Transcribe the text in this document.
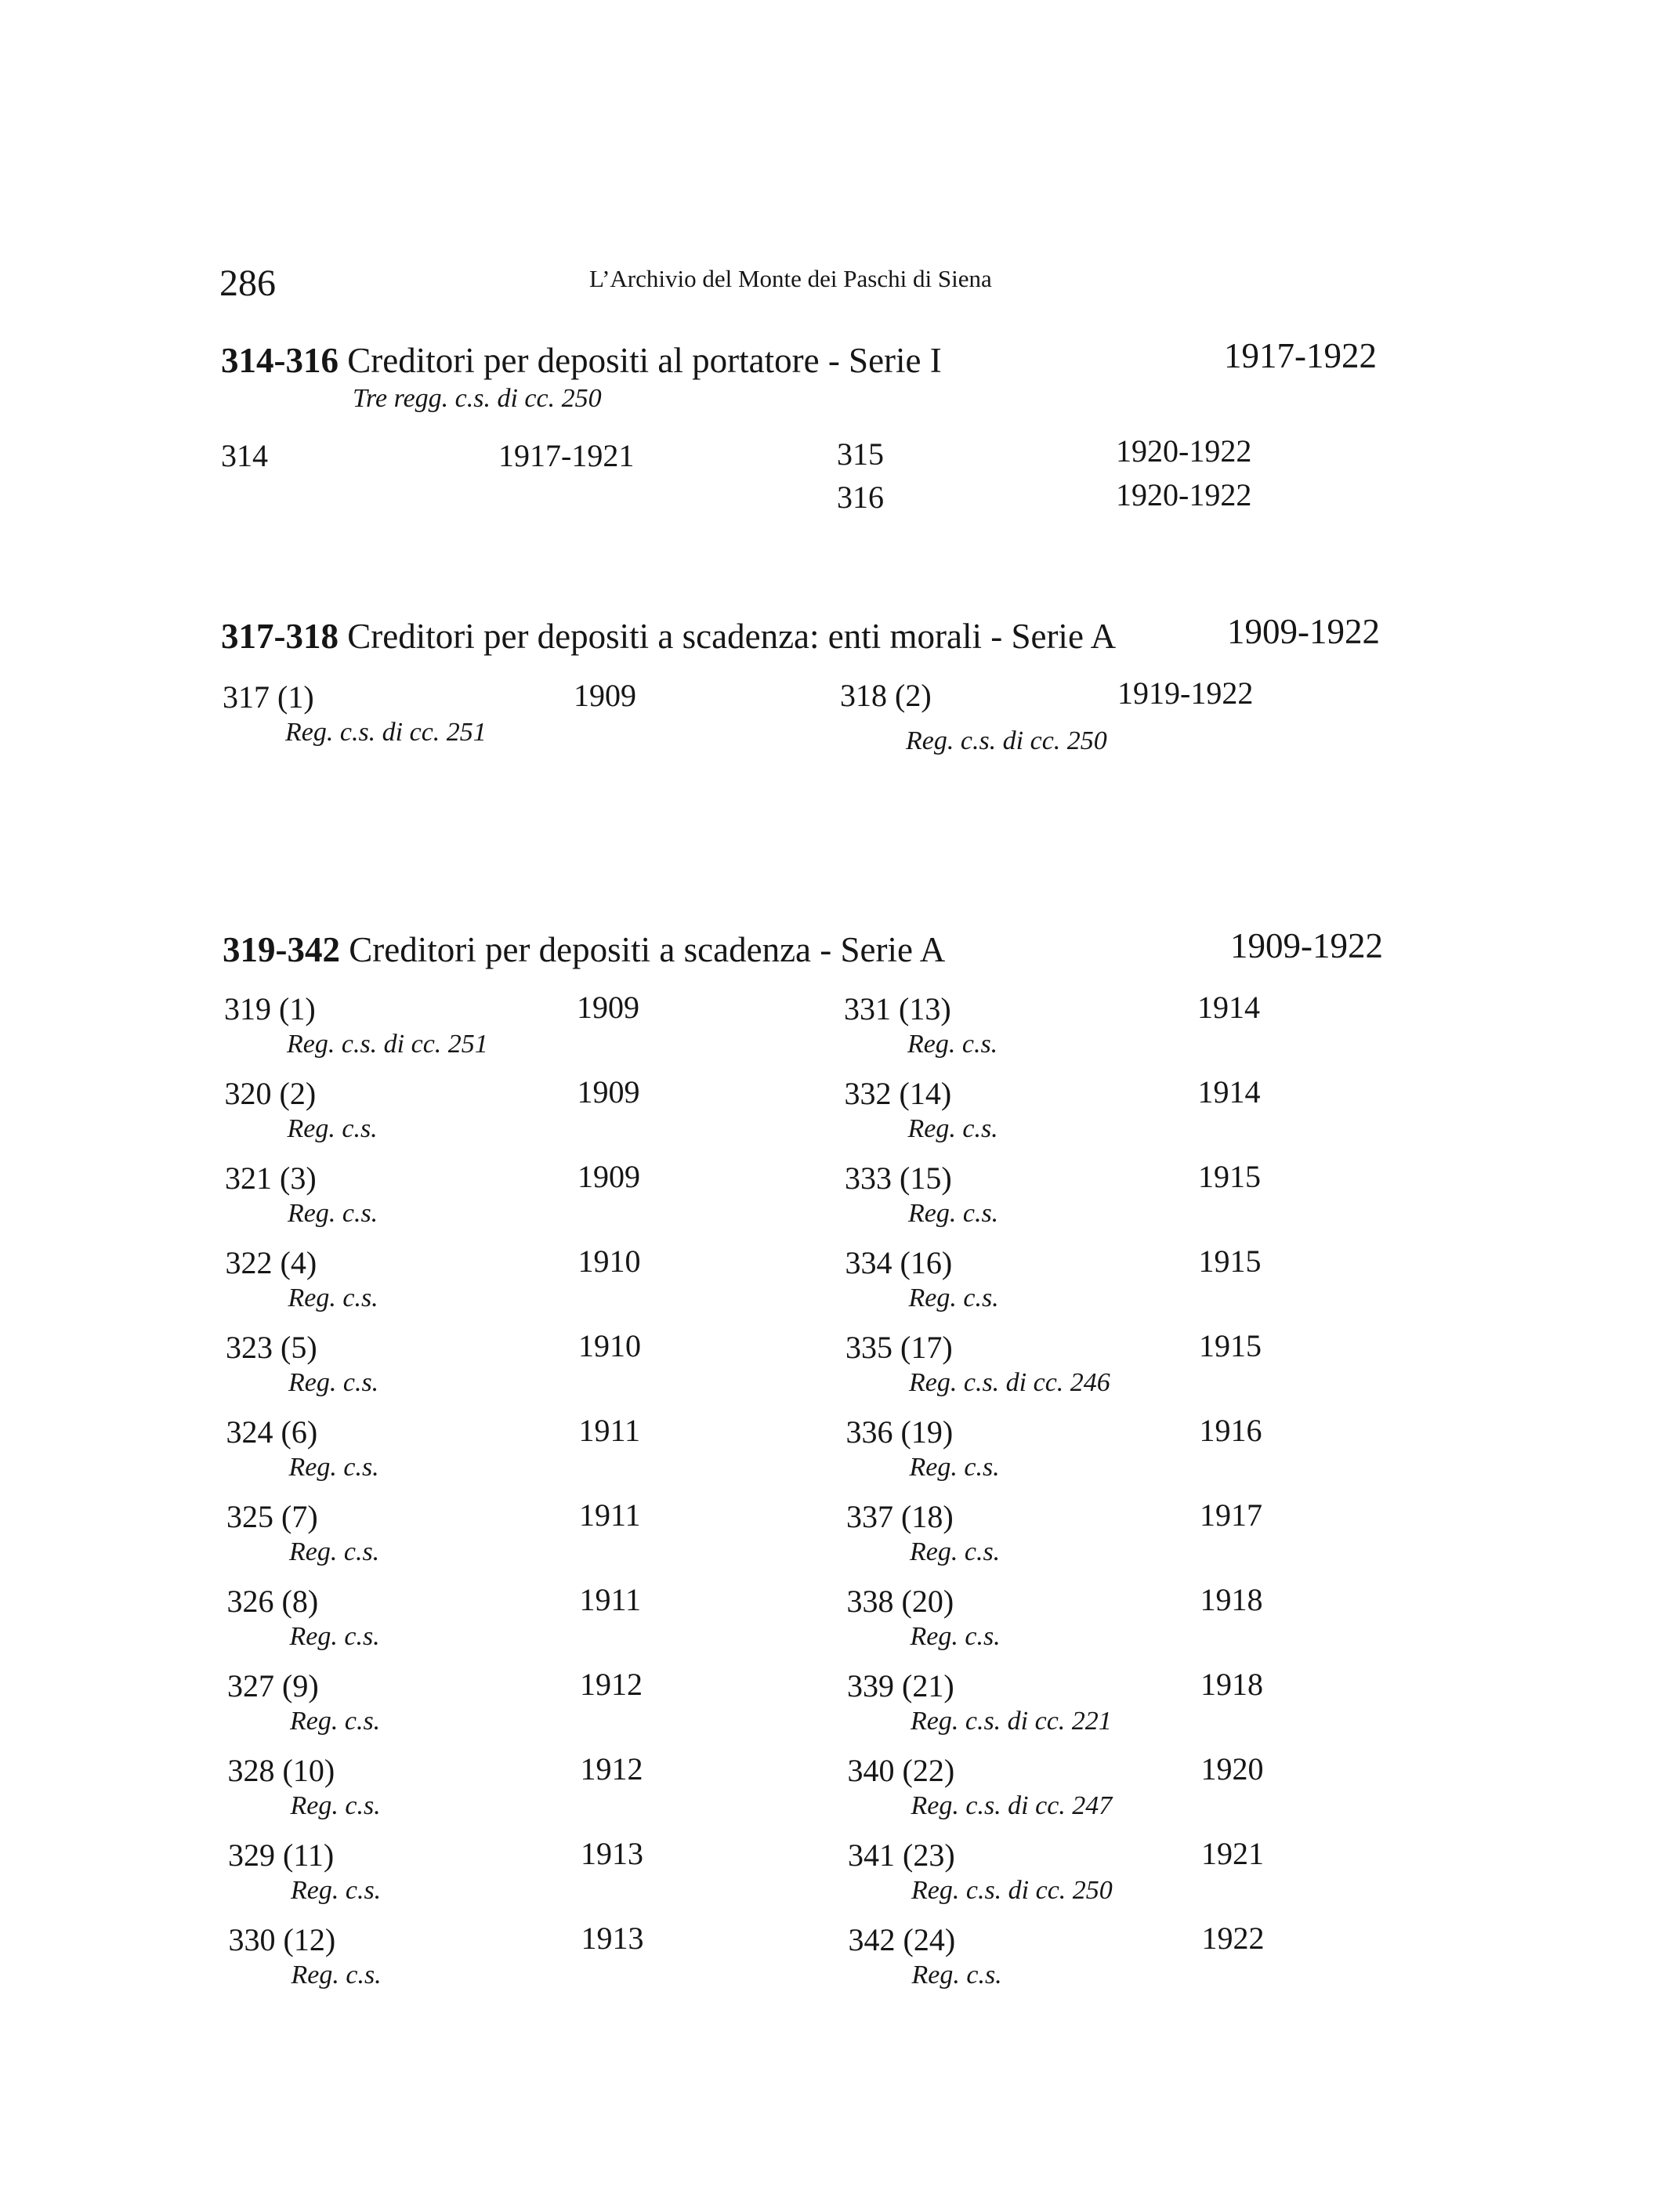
286	L’Archivio del Monte dei Paschi di Siena
314-316 Creditori per depositi al portatore - Serie I	1917-1922
Tre regg. c.s. di cc. 250
314	1917-1921	315	1920-1922
316	1920-1922
317-318 Creditori per depositi a scadenza: enti morali - Serie A	1909-1922
317 (1)	1909
Reg. c.s. di cc. 251
318 (2)	1919-1922
Reg. c.s. di cc. 250
319-342 Creditori per depositi a scadenza - Serie A	1909-1922
319 (1)	1909
Reg. c.s. di cc. 251
320 (2)	1909
Reg. c.s.
321 (3)	1909
Reg. c.s.
322 (4)	1910
Reg. c.s.
323 (5)	1910
Reg. c.s.
324 (6)	1911
Reg. c.s.
325 (7)	1911
Reg. c.s.
326 (8)	1911
Reg. c.s.
327 (9)	1912
Reg. c.s.
328 (10)	1912
Reg. c.s.
329 (11)	1913
Reg. c.s.
330 (12)	1913
Reg. c.s.
331 (13)	1914
Reg. c.s.
332 (14)	1914
Reg. c.s.
333 (15)	1915
Reg. c.s.
334 (16)	1915
Reg. c.s.
335 (17)	1915
Reg. c.s. di cc. 246
336 (19)	1916
Reg. c.s.
337 (18)	1917
Reg. c.s.
338 (20)	1918
Reg. c.s.
339 (21)	1918
Reg. c.s. di cc. 221
340 (22)	1920
Reg. c.s. di cc. 247
341 (23)	1921
Reg. c.s. di cc. 250
342 (24)	1922
Reg. c.s.
